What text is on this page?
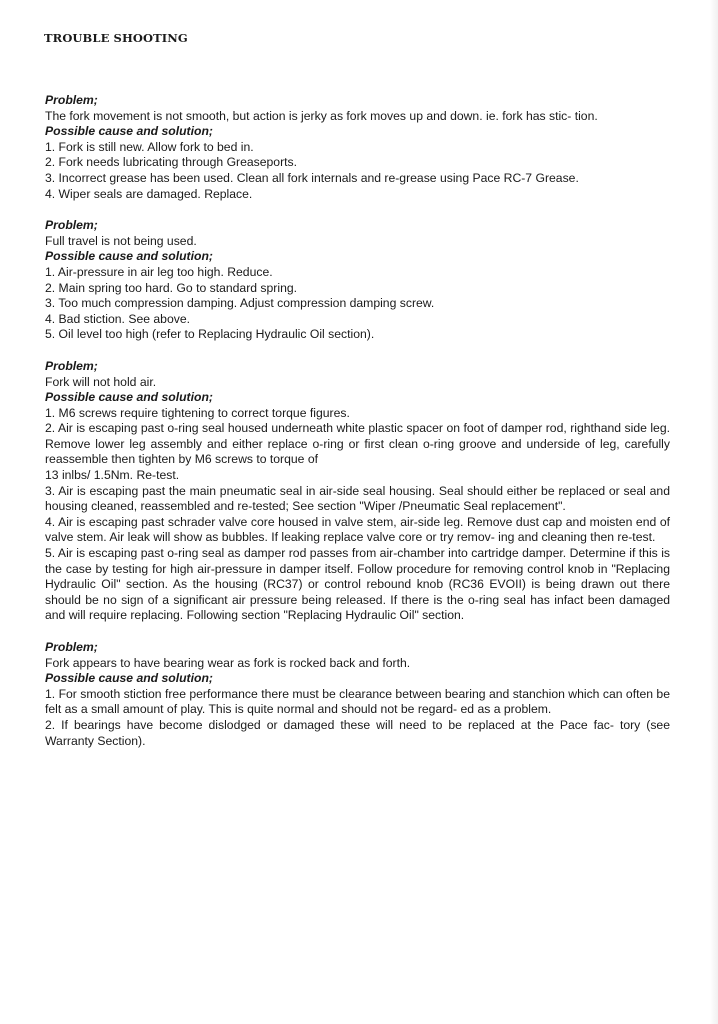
TROUBLE SHOOTING
Problem;
The fork movement is not smooth, but action is jerky as fork moves up and down. ie. fork has stic- tion.
Possible cause and solution;
1. Fork is still new. Allow fork to bed in.
2. Fork needs lubricating through Greaseports.
3. Incorrect grease has been used. Clean all fork internals and re-grease using Pace RC-7 Grease.
4. Wiper seals are damaged. Replace.
Problem;
Full travel is not being used.
Possible cause and solution;
1. Air-pressure in air leg too high. Reduce.
2. Main spring too hard. Go to standard spring.
3. Too much compression damping. Adjust compression damping screw.
4. Bad stiction. See above.
5. Oil level too high (refer to Replacing Hydraulic Oil section).
Problem;
Fork will not hold air.
Possible cause and solution;
1. M6 screws require tightening to correct torque figures.
2. Air is escaping past o-ring seal housed underneath white plastic spacer on foot of damper rod, righthand side leg. Remove lower leg assembly and either replace o-ring or first clean o-ring groove and underside of leg, carefully reassemble then tighten by M6 screws to torque of
13 inlbs/ 1.5Nm. Re-test.
3. Air is escaping past the main pneumatic seal in air-side seal housing. Seal should either be replaced or seal and housing cleaned, reassembled and re-tested; See section "Wiper /Pneumatic Seal replacement".
4. Air is escaping past schrader valve core housed in valve stem, air-side leg. Remove dust cap and moisten end of valve stem. Air leak will show as bubbles. If leaking replace valve core or try remov- ing and cleaning then re-test.
5. Air is escaping past o-ring seal as damper rod passes from air-chamber into cartridge damper. Determine if this is the case by testing for high air-pressure in damper itself. Follow procedure for removing control knob in "Replacing Hydraulic Oil" section. As the housing (RC37) or control rebound knob (RC36 EVOII) is being drawn out there should be no sign of a significant air pressure being released. If there is the o-ring seal has infact been damaged and will require replacing. Following section "Replacing Hydraulic Oil" section.
Problem;
Fork appears to have bearing wear as fork is rocked back and forth.
Possible cause and solution;
1. For smooth stiction free performance there must be clearance between bearing and stanchion which can often be felt as a small amount of play. This is quite normal and should not be regard- ed as a problem.
2. If bearings have become dislodged or damaged these will need to be replaced at the Pace fac- tory (see Warranty Section).
